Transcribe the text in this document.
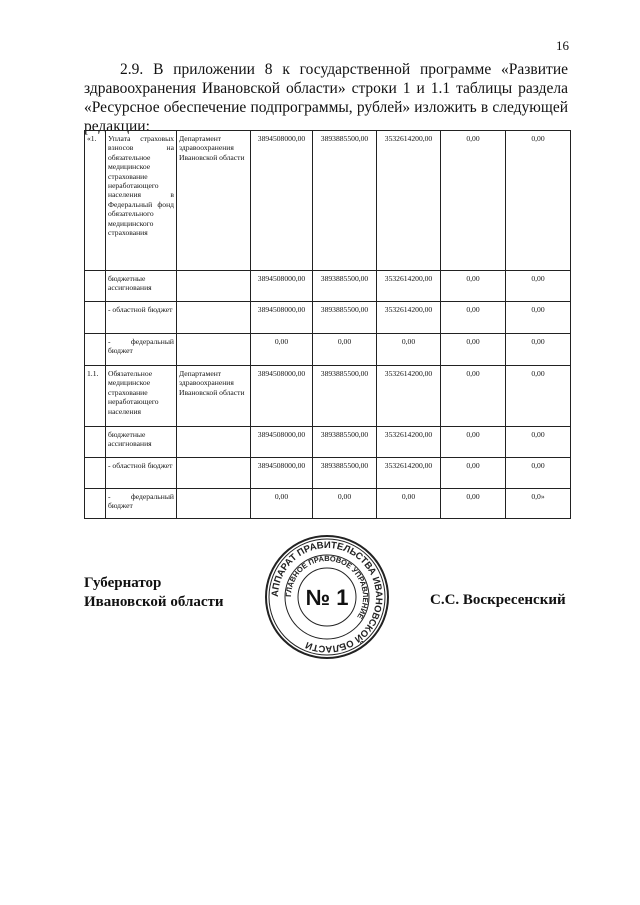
16

2.9. В приложении 8 к государственной программе «Развитие здравоохранения Ивановской области» строки 1 и 1.1 таблицы раздела «Ресурсное обеспечение подпрограммы, рублей» изложить в следующей редакции:

«1.	Уплата страховых взносов на обязательное медицинское страхование неработающего населения в Федеральный фонд обязательного медицинского страхования	Департамент здравоохранения Ивановской области	3894508000,00	3893885500,00	3532614200,00	0,00	0,00
	бюджетные ассигнования		3894508000,00	3893885500,00	3532614200,00	0,00	0,00
	- областной бюджет		3894508000,00	3893885500,00	3532614200,00	0,00	0,00
	- федеральный бюджет		0,00	0,00	0,00	0,00	0,00
1.1.	Обязательное медицинское страхование неработающего населения	Департамент здравоохранения Ивановской области	3894508000,00	3893885500,00	3532614200,00	0,00	0,00
	бюджетные ассигнования		3894508000,00	3893885500,00	3532614200,00	0,00	0,00
	- областной бюджет		3894508000,00	3893885500,00	3532614200,00	0,00	0,00
	- федеральный бюджет		0,00	0,00	0,00	0,00	0,0»
Губернатор
Ивановской области
АППАРАТ ПРАВИТЕЛЬСТВА ИВАНОВСКОЙ ОБЛАСТИ
ГЛАВНОЕ ПРАВОВОЕ УПРАВЛЕНИЕ
№ 1	С.С. Воскресенский
